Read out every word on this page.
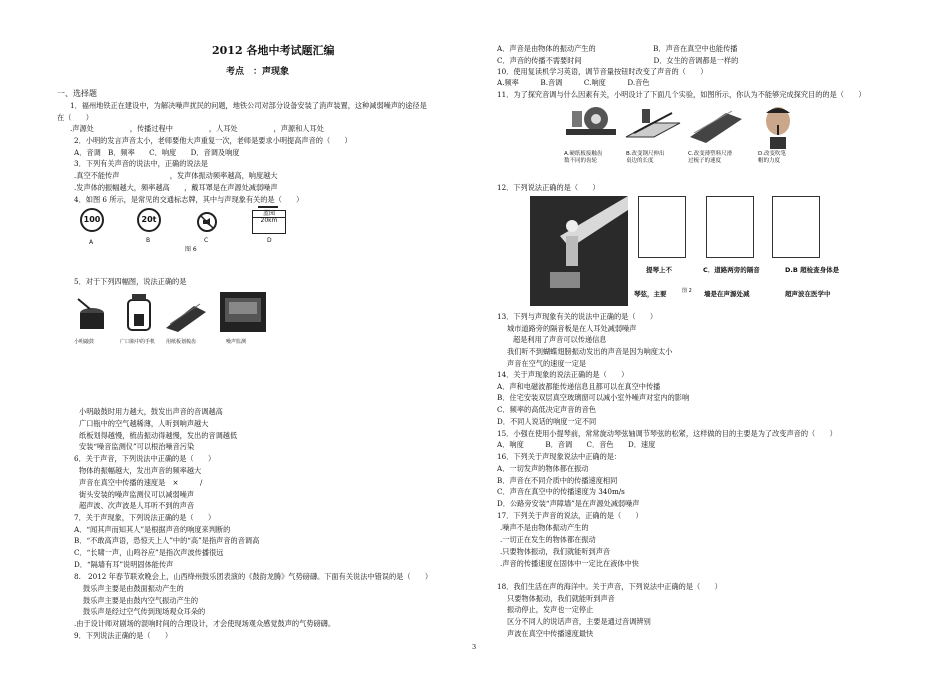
2012 各地中考试题汇编
考点　：声现象
一、选择题
1．福州地铁正在建设中，为解决噪声扰民的问题，地铁公司对部分设备安装了消声装置，这种减弱噪声的途径是
在（　　）
.声源处　　　　　，传播过程中　　　　　，人耳处　　　　　，声源和人耳处
2．小明的发言声音太小，老师要他大声重复一次，老师是要求小明提高声音的（　　）
A．音调　B．频率　　C．响度　　D．音调及响度
3．下列有关声音的说法中，正确的说法是
.真空不能传声　　　　　　　，发声体振动频率越高，响度越大
.发声体的振幅越大，频率越高　　，戴耳罩是在声源处减弱噪声
4．如图 6 所示，是常见的交通标志牌，其中与声现象有关的是（　　）
5．对于下列四幅图，说法正确的是
小明敲鼓时用力越大，鼓发出声音的音调越高
广口瓶中的空气越稀薄，人听到响声越大
纸板划得越慢，梳齿振动得越慢，发出的音调越低
安装“噪音监测仪”可以根治噪音污染
6．关于声音，下列说法中正确的是（　　）
物体的振幅越大，发出声音的频率越大
声音在真空中传播的速度是　×　　　/
街头安装的噪声监测仪可以减弱噪声
超声波、次声波是人耳听不到的声音
7．关于声现象，下列说法正确的是（　　）
A．“闻其声而知其人”是根据声音的响度来判断的
B．“不敢高声语，恐惊天上人”中的“高”是指声音的音调高
C．“长啸一声，山鸣谷应”是指次声波传播很远
D．“隔墙有耳”说明固体能传声
8.　2012 年春节联欢晚会上，山西绛州鼓乐团表演的《鼓韵龙腾》气势磅礴。下面有关说法中错误的是（　　）
鼓乐声主要是由鼓面振动产生的
鼓乐声主要是由鼓内空气振动产生的
鼓乐声是经过空气传到现场观众耳朵的
.由于设计师对剧场的混响时间的合理设计，才会使现场观众感觉鼓声的气势磅礴。
9．下列说法正确的是（　　）
100	20t
蓝园
20km
A	B	C	D
图 6
小明敲鼓	广口瓶中的手机 用纸板划梳齿	噪声监测
A．声音是由物体的振动产生的　　　　　　　　B．声音在真空中也能传播
C．声音的传播不需要时间　　　　　　　　　　D．女生的音调都是一样的
10．使用复读机学习英语，调节音量按钮时改变了声音的（　　）
A.频率　　　B.音调　　　C.响度　　　D.音色
11．为了探究音调与什么因素有关，小明设计了下面几个实验，如图所示，你认为不能够完成探究目的的是（　　）
12．下列说法正确的是（　　）
13．下列与声现象有关的说法中正确的是（　　）
城市道路旁的隔音板是在人耳处减弱噪声
超是利用了声音可以传递信息
我们听不到蝴蝶翅膀振动发出的声音是因为响度太小
声音在空气的速度一定是
14．关于声现象的说法正确的是（　　）
A．声和电磁波都能传递信息且都可以在真空中传播
B．住宅安装双层真空玻璃窗可以减小室外噪声对室内的影响
C．频率的高低决定声音的音色
D．不同人说话的响度一定不同
15．小强在使用小提琴前，常常旋动琴弦轴调节琴弦的松紧，这样做的目的主要是为了改变声音的（　　）
A．响度　　　B．音调　　C．音色　　D．速度
16．下列关于声现象说法中正确的是：
A．一切发声的物体都在振动
B．声音在不同介质中的传播速度相同
C．声音在真空中的传播速度为 340m/s
D．公路旁安装“声障墙”是在声源处减弱噪声
17．下列关于声音的说法，正确的是（　　）
.噪声不是由物体振动产生的
.一切正在发生的物体都在振动
.只要物体振动，我们就能听到声音
.声音的传播速度在固体中一定比在液体中快
18．我们生活在声的海洋中。关于声音，下列说法中正确的是（　　）
只要物体振动，我们就能听到声音
振动停止，发声也一定停止
区分不同人的说话声音，主要是通过音调辨别
声波在真空中传播速度最快
A.硬纸板接触齿
数不同的齿轮
B.改变钢尺伸出
桌边的长度
C.改变薄塑料尺滑
过梳子的速度
D.改变吹笔
帽的力度
提琴上不	C．道路两旁的隔音	D.B 超检查身体是
琴弦，主要	图 2 墙是在声源处减	超声波在医学中
3
